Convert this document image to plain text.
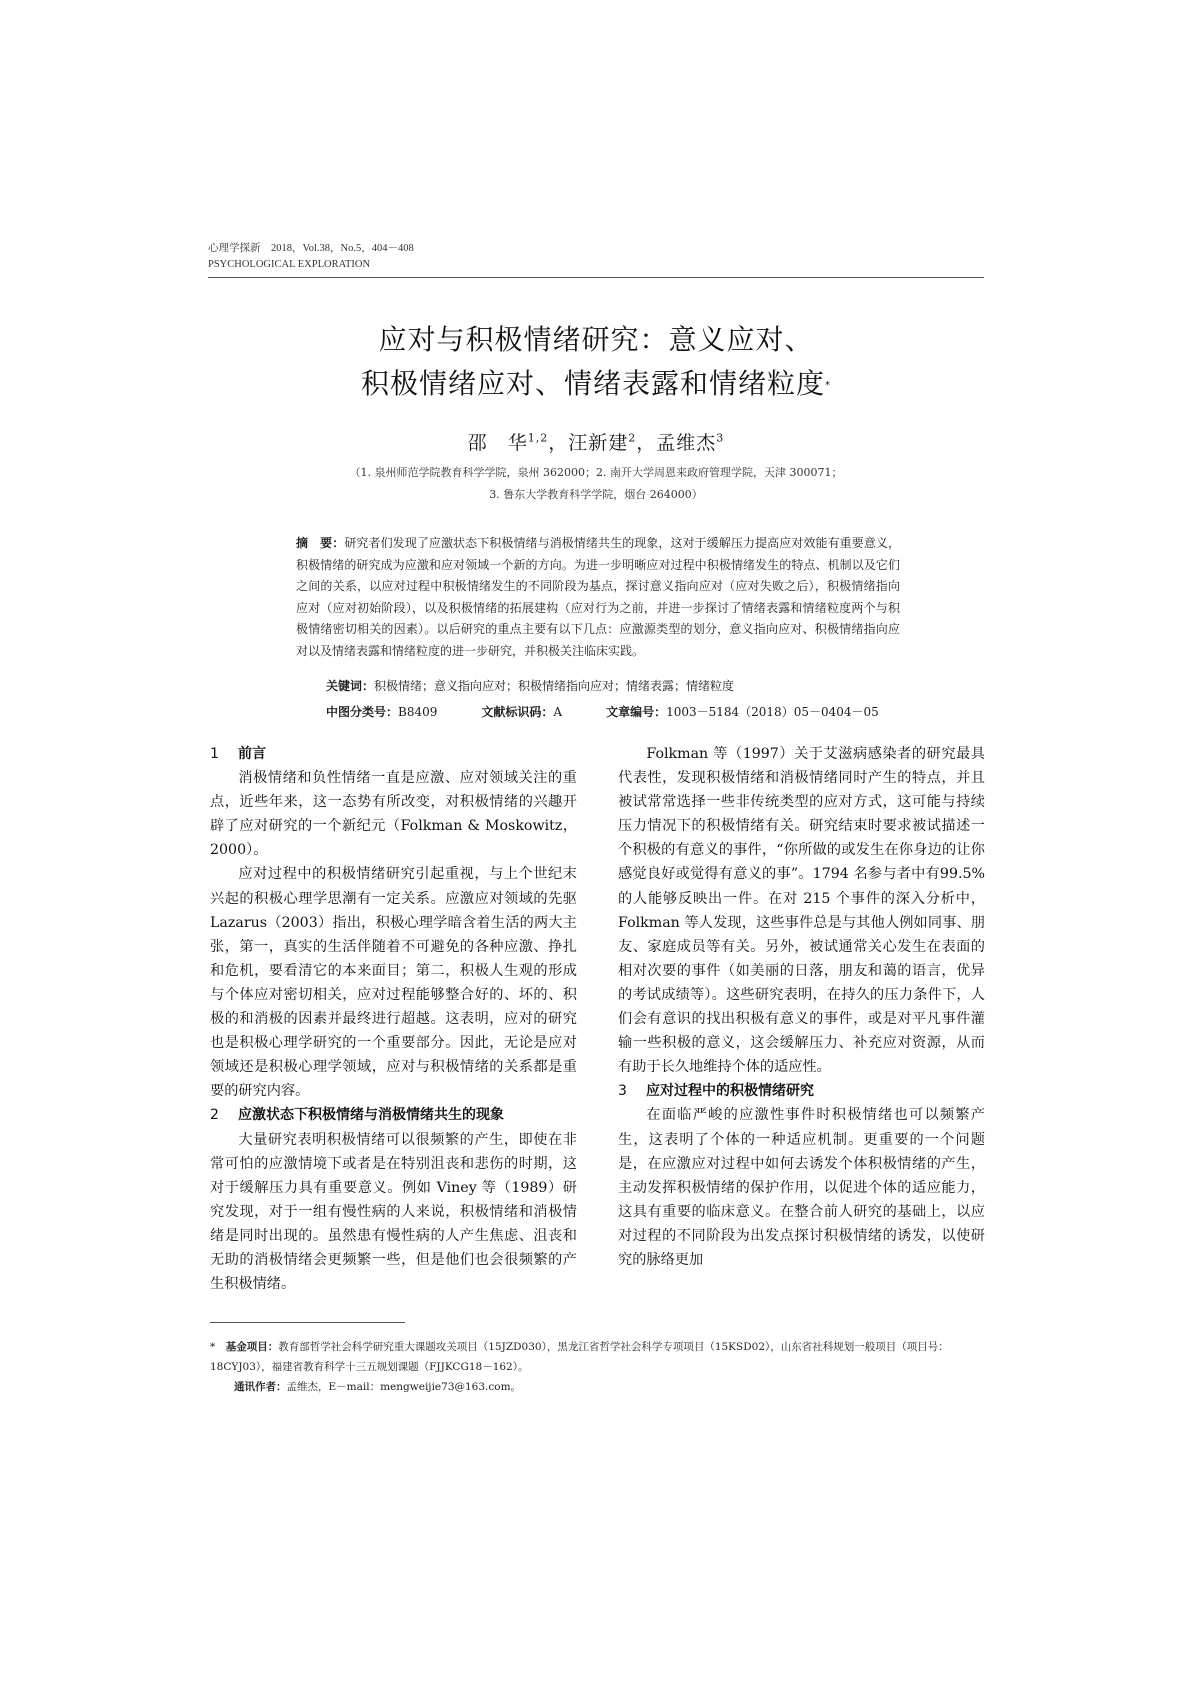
心理学探新　2018，Vol.38，No.5，404－408
PSYCHOLOGICAL EXPLORATION
应对与积极情绪研究：意义应对、
积极情绪应对、情绪表露和情绪粒度*
邵　华$^{1,2}$，汪新建$^2$，孟维杰$^3$
（1. 泉州师范学院教育科学学院，泉州 362000；2. 南开大学周恩来政府管理学院，天津 300071；
3. 鲁东大学教育科学学院，烟台 264000）
摘　要：研究者们发现了应激状态下积极情绪与消极情绪共生的现象，这对于缓解压力提高应对效能有重要意义，积极情绪的研究成为应激和应对领域一个新的方向。为进一步明晰应对过程中积极情绪发生的特点、机制以及它们之间的关系，以应对过程中积极情绪发生的不同阶段为基点，探讨意义指向应对（应对失败之后），积极情绪指向应对（应对初始阶段），以及积极情绪的拓展建构（应对行为之前，并进一步探讨了情绪表露和情绪粒度两个与积极情绪密切相关的因素）。以后研究的重点主要有以下几点：应激源类型的划分，意义指向应对、积极情绪指向应对以及情绪表露和情绪粒度的进一步研究，并积极关注临床实践。
关键词：积极情绪；意义指向应对；积极情绪指向应对；情绪表露；情绪粒度
中图分类号：B8409	文献标识码：A	文章编号：1003－5184（2018）05－0404－05
1 前言

消极情绪和负性情绪一直是应激、应对领域关注的重点，近些年来，这一态势有所改变，对积极情绪的兴趣开辟了应对研究的一个新纪元（Folkman & Moskowitz，2000）。

应对过程中的积极情绪研究引起重视，与上个世纪末兴起的积极心理学思潮有一定关系。应激应对领域的先驱 Lazarus（2003）指出，积极心理学暗含着生活的两大主张，第一，真实的生活伴随着不可避免的各种应激、挣扎和危机，要看清它的本来面目；第二，积极人生观的形成与个体应对密切相关，应对过程能够整合好的、坏的、积极的和消极的因素并最终进行超越。这表明，应对的研究也是积极心理学研究的一个重要部分。因此，无论是应对领域还是积极心理学领域，应对与积极情绪的关系都是重要的研究内容。

2 应激状态下积极情绪与消极情绪共生的现象

大量研究表明积极情绪可以很频繁的产生，即使在非常可怕的应激情境下或者是在特别沮丧和悲伤的时期，这对于缓解压力具有重要意义。例如 Viney 等（1989）研究发现，对于一组有慢性病的人来说，积极情绪和消极情绪是同时出现的。虽然患有慢性病的人产生焦虑、沮丧和无助的消极情绪会更频繁一些，但是他们也会很频繁的产生积极情绪。

Folkman 等（1997）关于艾滋病感染者的研究最具代表性，发现积极情绪和消极情绪同时产生的特点，并且被试常常选择一些非传统类型的应对方式，这可能与持续压力情况下的积极情绪有关。研究结束时要求被试描述一个积极的有意义的事件，“你所做的或发生在你身边的让你感觉良好或觉得有意义的事”。1794 名参与者中有99.5%的人能够反映出一件。在对 215 个事件的深入分析中，Folkman 等人发现，这些事件总是与其他人例如同事、朋友、家庭成员等有关。另外，被试通常关心发生在表面的相对次要的事件（如美丽的日落，朋友和蔼的语言，优异的考试成绩等）。这些研究表明，在持久的压力条件下，人们会有意识的找出积极有意义的事件，或是对平凡事件灌输一些积极的意义，这会缓解压力、补充应对资源，从而有助于长久地维持个体的适应性。

3 应对过程中的积极情绪研究

在面临严峻的应激性事件时积极情绪也可以频繁产生，这表明了个体的一种适应机制。更重要的一个问题是，在应激应对过程中如何去诱发个体积极情绪的产生，主动发挥积极情绪的保护作用，以促进个体的适应能力，这具有重要的临床意义。在整合前人研究的基础上，以应对过程的不同阶段为出发点探讨积极情绪的诱发，以使研究的脉络更加

*　 基金项目：教育部哲学社会科学研究重大课题攻关项目（15JZD030），黑龙江省哲学社会科学专项项目（15KSD02），山东省社科规划一般项目（项目号：18CYJ03），福建省教育科学十三五规划课题（FJJKCG18－162）。
通讯作者：孟维杰，E－mail：mengweijie73@163.com。
